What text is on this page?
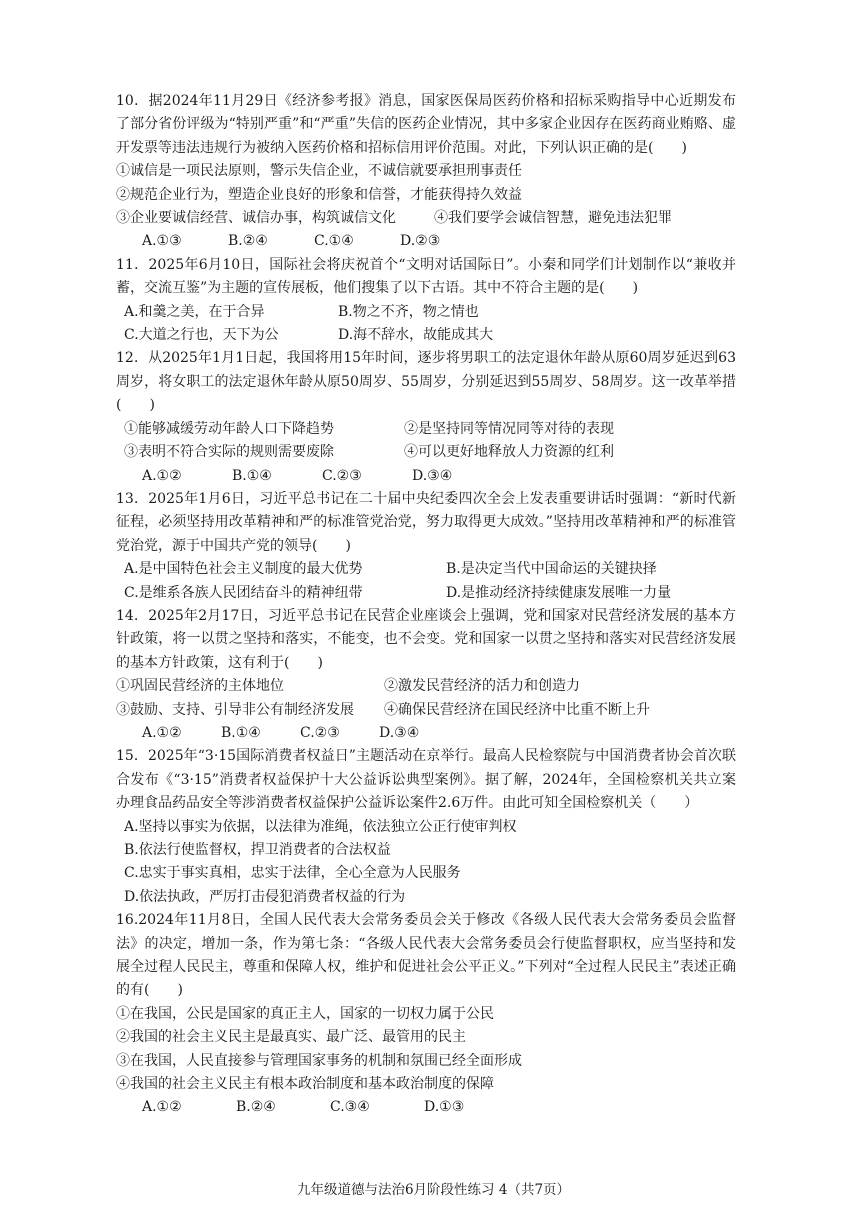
10．据2024年11月29日《经济参考报》消息，国家医保局医药价格和招标采购指导中心近期发布了部分省份评级为“特别严重”和“严重”失信的医药企业情况，其中多家企业因存在医药商业贿赂、虚开发票等违法违规行为被纳入医药价格和招标信用评价范围。对此，下列认识正确的是(　　)

①诚信是一项民法原则，警示失信企业，不诚信就要承担刑事责任

②规范企业行为，塑造企业良好的形象和信誉，才能获得持久效益

③企业要诚信经营、诚信办事，构筑诚信文化	④我们要学会诚信智慧，避免违法犯罪
A.①③	B.②④	C.①④	D.②③

11．2025年6月10日，国际社会将庆祝首个“文明对话国际日”。小秦和同学们计划制作以“兼收并蓄，交流互鉴”为主题的宣传展板，他们搜集了以下古语。其中不符合主题的是(　　)

A.和羹之美，在于合异	B.物之不齐，物之情也
C.大道之行也，天下为公	D.海不辞水，故能成其大

12．从2025年1月1日起，我国将用15年时间，逐步将男职工的法定退休年龄从原60周岁延迟到63周岁，将女职工的法定退休年龄从原50周岁、55周岁，分别延迟到55周岁、58周岁。这一改革举措(　　)

①能够减缓劳动年龄人口下降趋势	②是坚持同等情况同等对待的表现
③表明不符合实际的规则需要废除	④可以更好地释放人力资源的红利
A.①②	B.①④	C.②③	D.③④

13．2025年1月6日，习近平总书记在二十届中央纪委四次全会上发表重要讲话时强调：“新时代新征程，必须坚持用改革精神和严的标准管党治党，努力取得更大成效。”坚持用改革精神和严的标准管党治党，源于中国共产党的领导(　　)

A.是中国特色社会主义制度的最大优势	B.是决定当代中国命运的关键抉择
C.是维系各族人民团结奋斗的精神纽带	D.是推动经济持续健康发展唯一力量

14．2025年2月17日，习近平总书记在民营企业座谈会上强调，党和国家对民营经济发展的基本方针政策，将一以贯之坚持和落实，不能变，也不会变。党和国家一以贯之坚持和落实对民营经济发展的基本方针政策，这有利于(　　)

①巩固民营经济的主体地位	②激发民营经济的活力和创造力
③鼓励、支持、引导非公有制经济发展	④确保民营经济在国民经济中比重不断上升
A.①②	B.①④	C.②③	D.③④

15．2025年“3·15国际消费者权益日”主题活动在京举行。最高人民检察院与中国消费者协会首次联合发布《“3·15”消费者权益保护十大公益诉讼典型案例》。据了解，2024年，全国检察机关共立案办理食品药品安全等涉消费者权益保护公益诉讼案件2.6万件。由此可知全国检察机关（　　）

A.坚持以事实为依据，以法律为准绳，依法独立公正行使审判权

B.依法行使监督权，捍卫消费者的合法权益

C.忠实于事实真相，忠实于法律，全心全意为人民服务

D.依法执政，严厉打击侵犯消费者权益的行为

16.2024年11月8日，全国人民代表大会常务委员会关于修改《各级人民代表大会常务委员会监督法》的决定，增加一条，作为第七条：“各级人民代表大会常务委员会行使监督职权，应当坚持和发展全过程人民民主，尊重和保障人权，维护和促进社会公平正义。”下列对“全过程人民民主”表述正确的有(　　)

①在我国，公民是国家的真正主人，国家的一切权力属于公民

②我国的社会主义民主是最真实、最广泛、最管用的民主

③在我国，人民直接参与管理国家事务的机制和氛围已经全面形成

④我国的社会主义民主有根本政治制度和基本政治制度的保障

A.①②	B.②④	C.③④	D.①③
九年级道德与法治6月阶段性练习 4（共7页）
